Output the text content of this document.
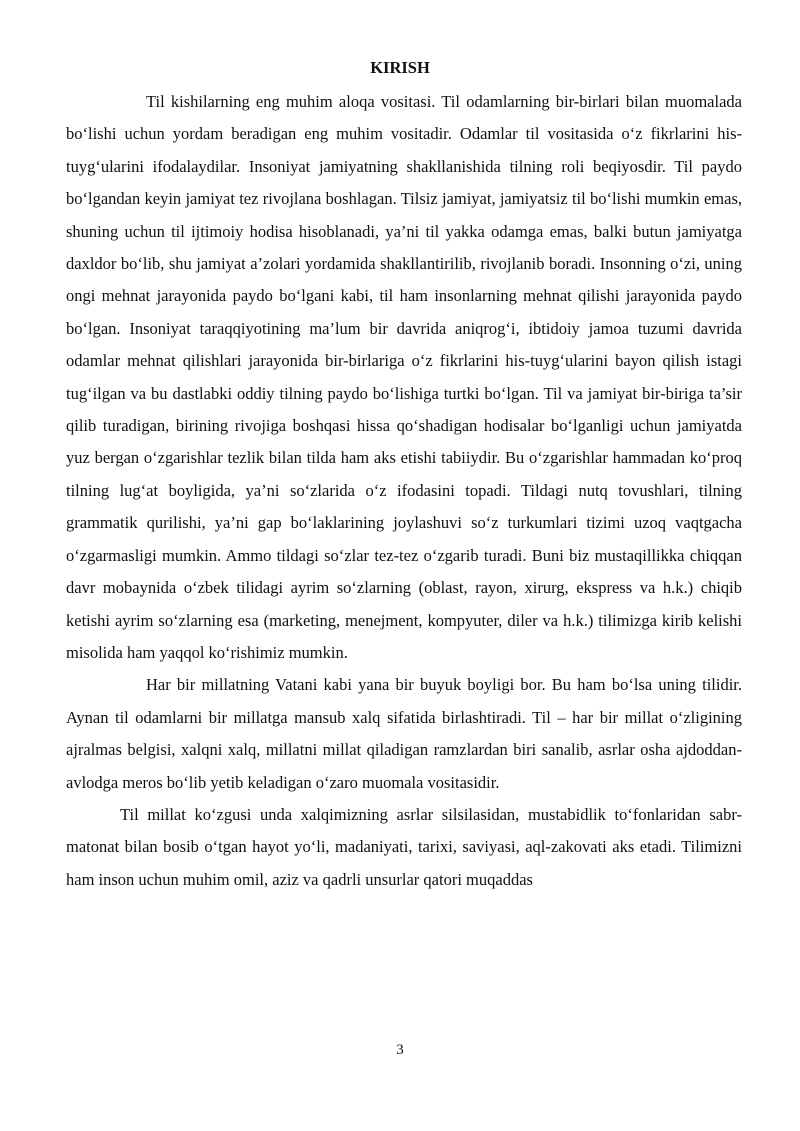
KIRISH

Til kishilarning eng muhim aloqa vositasi. Til odamlarning bir-birlari bilan muomalada bo‘lishi uchun yordam beradigan eng muhim vositadir. Odamlar til vositasida o‘z fikrlarini his-tuyg‘ularini ifodalaydilar. Insoniyat jamiyatning shakllanishida tilning roli beqiyosdir. Til paydo bo‘lgandan keyin jamiyat tez rivojlana boshlagan. Tilsiz jamiyat, jamiyatsiz til bo‘lishi mumkin emas, shuning uchun til ijtimoiy hodisa hisoblanadi, ya’ni til yakka odamga emas, balki butun jamiyatga daxldor bo‘lib, shu jamiyat a’zolari yordamida shakllantirilib, rivojlanib boradi. Insonning o‘zi, uning ongi mehnat jarayonida paydo bo‘lgani kabi, til ham insonlarning mehnat qilishi jarayonida paydo bo‘lgan. Insoniyat taraqqiyotining ma’lum bir davrida aniqrog‘i, ibtidoiy jamoa tuzumi davrida odamlar mehnat qilishlari jarayonida bir-birlariga o‘z fikrlarini his-tuyg‘ularini bayon qilish istagi tug‘ilgan va bu dastlabki oddiy tilning paydo bo‘lishiga turtki bo‘lgan. Til va jamiyat bir-biriga ta’sir qilib turadigan, birining rivojiga boshqasi hissa qo‘shadigan hodisalar bo‘lganligi uchun jamiyatda yuz bergan o‘zgarishlar tezlik bilan tilda ham aks etishi tabiiydir. Bu o‘zgarishlar hammadan ko‘proq tilning lug‘at boyligida, ya’ni so‘zlarida o‘z ifodasini topadi. Tildagi nutq tovushlari, tilning grammatik qurilishi, ya’ni gap bo‘laklarining joylashuvi so‘z turkumlari tizimi uzoq vaqtgacha o‘zgarmasligi mumkin. Ammo tildagi so‘zlar tez-tez o‘zgarib turadi. Buni biz mustaqillikka chiqqan davr mobaynida o‘zbek tilidagi ayrim so‘zlarning (oblast, rayon, xirurg, ekspress va h.k.) chiqib ketishi ayrim so‘zlarning esa (marketing, menejment, kompyuter, diler va h.k.) tilimizga kirib kelishi misolida ham yaqqol ko‘rishimiz mumkin.

Har bir millatning Vatani kabi yana bir buyuk boyligi bor. Bu ham bo‘lsa uning tilidir. Aynan til odamlarni bir millatga mansub xalq sifatida birlashtiradi. Til – har bir millat o‘zligining ajralmas belgisi, xalqni xalq, millatni millat qiladigan ramzlardan biri sanalib, asrlar osha ajdoddan-avlodga meros bo‘lib yetib keladigan o‘zaro muomala vositasidir.

Til millat ko‘zgusi unda xalqimizning asrlar silsilasidan, mustabidlik to‘fonlaridan sabr-matonat bilan bosib o‘tgan hayot yo‘li, madaniyati, tarixi, saviyasi, aql-zakovati aks etadi. Tilimizni ham inson uchun muhim omil, aziz va qadrli unsurlar qatori muqaddas

3
